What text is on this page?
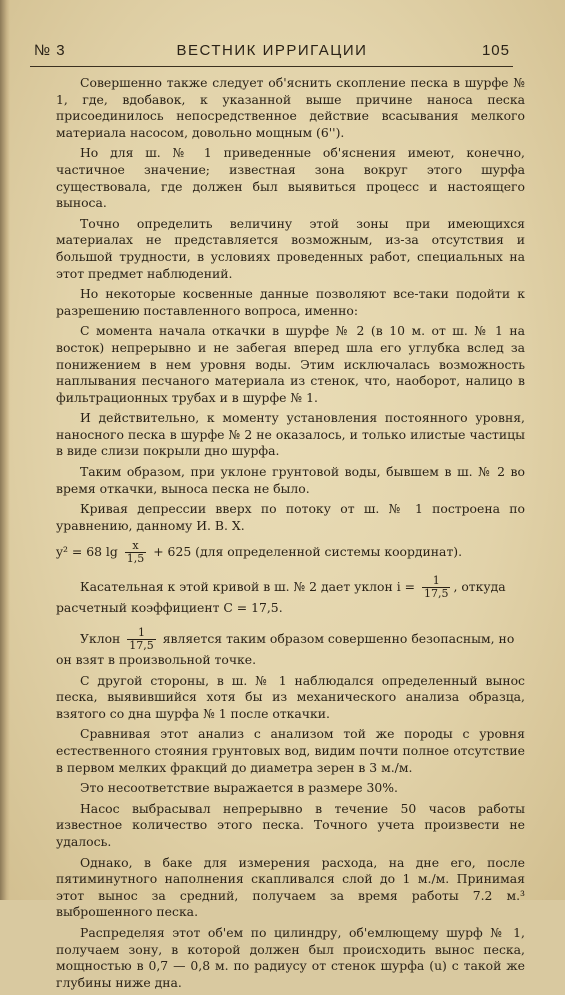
№ 3	ВЕСТНИК ИРРИГАЦИИ	105

Совершенно также следует об'яснить скопление песка в шурфе № 1, где, вдобавок, к указанной выше причине наноса песка присоединилось непосредственное действие всасывания мелкого материала насосом, довольно мощным (6'').

Но для ш. № 1 приведенные об'яснения имеют, конечно, частичное значение; известная зона вокруг этого шурфа существовала, где должен был выявиться процесс и настоящего выноса.

Точно определить величину этой зоны при имеющихся материалах не представляется возможным, из-за отсутствия и большой трудности, в условиях проведенных работ, специальных на этот предмет наблюдений.

Но некоторые косвенные данные позволяют все-таки подойти к разрешению поставленного вопроса, именно:

С момента начала откачки в шурфе № 2 (в 10 м. от ш. № 1 на восток) непрерывно и не забегая вперед шла его углубка вслед за понижением в нем уровня воды. Этим исключалась возможность наплывания песчаного материала из стенок, что, наоборот, налицо в фильтрационных трубах и в шурфе № 1.

И действительно, к моменту установления постоянного уровня, наносного песка в шурфе № 2 не оказалось, и только илистые частицы в виде слизи покрыли дно шурфа.

Таким образом, при уклоне грунтовой воды, бывшем в ш. № 2 во время откачки, выноса песка не было.

Кривая депрессии вверх по потоку от ш. № 1 построена по уравнению, данному И. В. Х.

y² = 68 $\lg \frac{x}{1,5} + 625$ (для определенной системы координат).

Касательная к этой кривой в ш. № 2 дает уклон $i = \frac{1}{17,5}$ , откуда

расчетный коэффициент С = 17,5.

Уклон $\frac{1}{17,5}$ является таким образом совершенно безопасным, но

он взят в произвольной точке.

С другой стороны, в ш. № 1 наблюдался определенный вынос песка, выявившийся хотя бы из механического анализа образца, взятого со дна шурфа № 1 после откачки.

Сравнивая этот анализ с анализом той же породы с уровня естественного стояния грунтовых вод, видим почти полное отсутствие в первом мелких фракций до диаметра зерен в 3 м./м.

Это несоответствие выражается в размере 30%.

Насос выбрасывал непрерывно в течение 50 часов работы известное количество этого песка. Точного учета произвести не удалось.

Однако, в баке для измерения расхода, на дне его, после пятиминутного наполнения скапливался слой до 1 м./м. Принимая этот вынос за средний, получаем за время работы 7.2 м.³ выброшенного песка.

Распределяя этот об'ем по цилиндру, об'емлющему шурф № 1, получаем зону, в которой должен был происходить вынос песка, мощностью в 0,7 — 0,8 м. по радиусу от стенок шурфа (u) с такой же глубины ниже дна.
